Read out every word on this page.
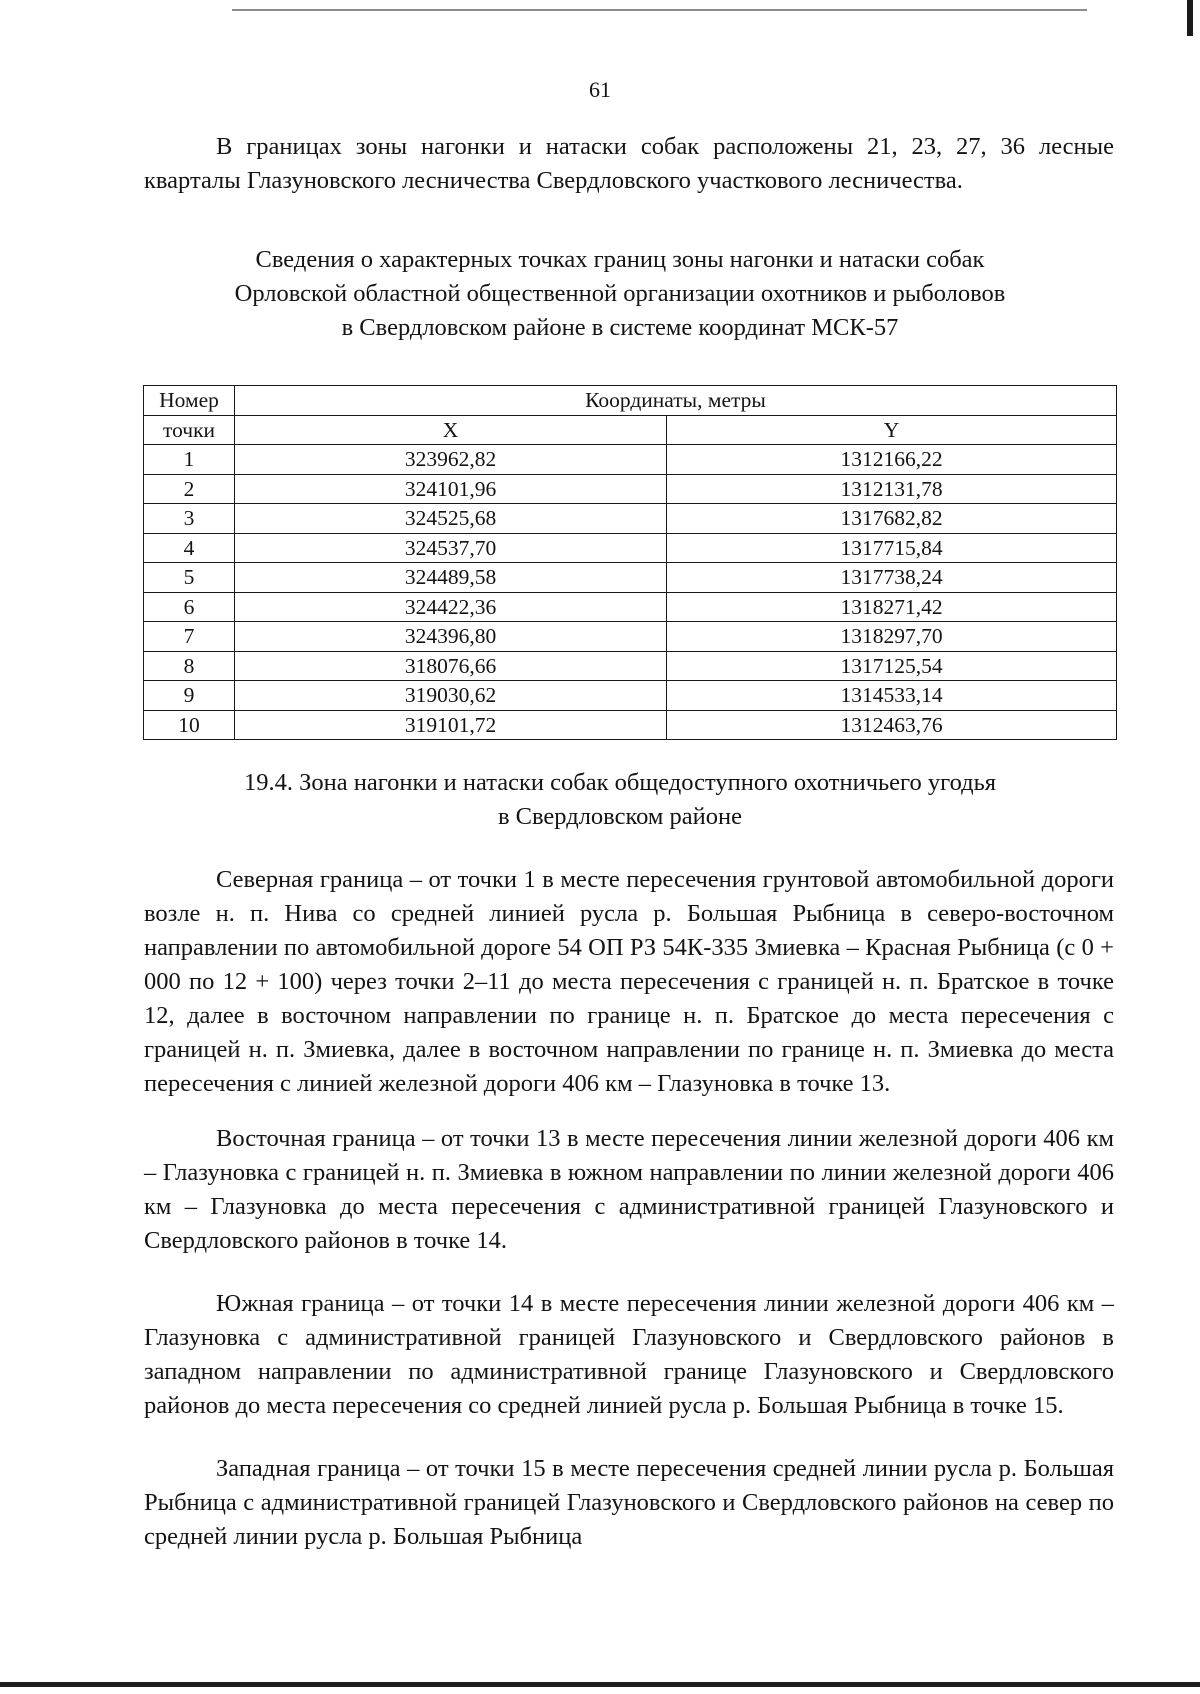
61

В границах зоны нагонки и натаски собак расположены 21, 23, 27, 36 лесные кварталы Глазуновского лесничества Свердловского участкового лесничества.

Сведения о характерных точках границ зоны нагонки и натаски собак
Орловской областной общественной организации охотников и рыболовов
в Свердловском районе в системе координат МСК-57
Номер	Координаты, метры	
точки	X	Y
1	323962,82	1312166,22
2	324101,96	1312131,78
3	324525,68	1317682,82
4	324537,70	1317715,84
5	324489,58	1317738,24
6	324422,36	1318271,42
7	324396,80	1318297,70
8	318076,66	1317125,54
9	319030,62	1314533,14
10	319101,72	1312463,76
19.4. Зона нагонки и натаски собак общедоступного охотничьего угодья
в Свердловском районе

Северная граница – от точки 1 в месте пересечения грунтовой автомобильной дороги возле н. п. Нива со средней линией русла р. Большая Рыбница в северо-восточном направлении по автомобильной дороге 54 ОП РЗ 54К-335 Змиевка – Красная Рыбница (с 0 + 000 по 12 + 100) через точки 2–11 до места пересечения с границей н. п. Братское в точке 12, далее в восточном направлении по границе н. п. Братское до места пересечения с границей н. п. Змиевка, далее в восточном направлении по границе н. п. Змиевка до места пересечения с линией железной дороги 406 км – Глазуновка в точке 13.

Восточная граница – от точки 13 в месте пересечения линии железной дороги 406 км – Глазуновка с границей н. п. Змиевка в южном направлении по линии железной дороги 406 км – Глазуновка до места пересечения с административной границей Глазуновского и Свердловского районов в точке 14.

Южная граница – от точки 14 в месте пересечения линии железной дороги 406 км – Глазуновка с административной границей Глазуновского и Свердловского районов в западном направлении по административной границе Глазуновского и Свердловского районов до места пересечения со средней линией русла р. Большая Рыбница в точке 15.

Западная граница – от точки 15 в месте пересечения средней линии русла р. Большая Рыбница с административной границей Глазуновского и Свердловского районов на север по средней линии русла р. Большая Рыбница
